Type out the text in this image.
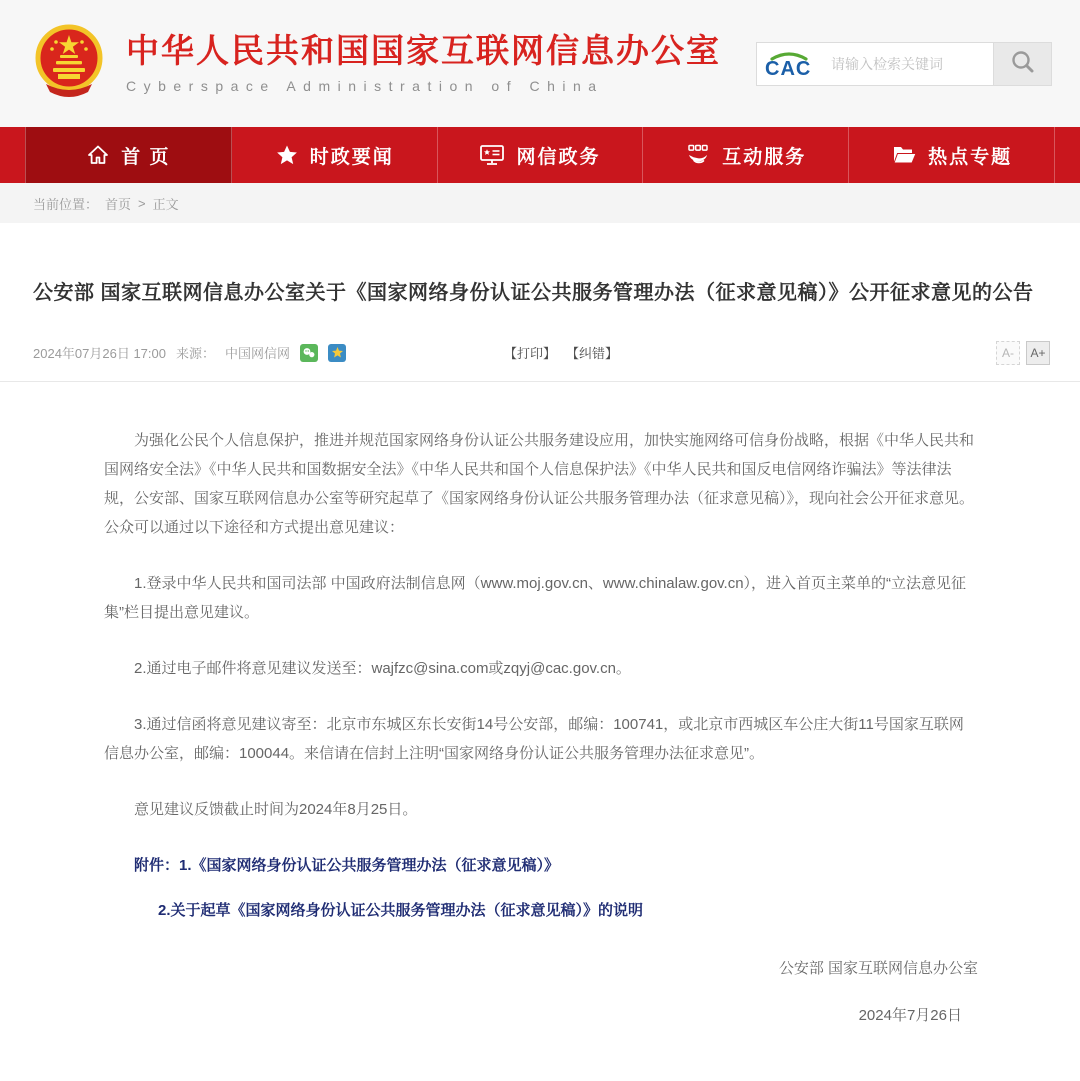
中华人民共和国国家互联网信息办公室
Cyberspace Administration of China
CAC
请输入检索关键词
首 页	时政要闻	网信政务	互动服务	热点专题
当前位置： 首页 > 正文
公安部 国家互联网信息办公室关于《国家网络身份认证公共服务管理办法（征求意见稿）》公开征求意见的公告
2024年07月26日 17:00 来源： 中国网信网	【打印】 【纠错】	A-	A+

为强化公民个人信息保护，推进并规范国家网络身份认证公共服务建设应用，加快实施网络可信身份战略，根据《中华人民共和国网络安全法》《中华人民共和国数据安全法》《中华人民共和国个人信息保护法》《中华人民共和国反电信网络诈骗法》等法律法规，公安部、国家互联网信息办公室等研究起草了《国家网络身份认证公共服务管理办法（征求意见稿）》，现向社会公开征求意见。公众可以通过以下途径和方式提出意见建议：

1.登录中华人民共和国司法部 中国政府法制信息网（www.moj.gov.cn、www.chinalaw.gov.cn），进入首页主菜单的“立法意见征集”栏目提出意见建议。

2.通过电子邮件将意见建议发送至：wajfzc@sina.com或zqyj@cac.gov.cn。

3.通过信函将意见建议寄至：北京市东城区东长安街14号公安部，邮编：100741，或北京市西城区车公庄大街11号国家互联网信息办公室，邮编：100044。来信请在信封上注明“国家网络身份认证公共服务管理办法征求意见”。

意见建议反馈截止时间为2024年8月25日。

附件：1.《国家网络身份认证公共服务管理办法（征求意见稿）》
2.关于起草《国家网络身份认证公共服务管理办法（征求意见稿）》的说明
公安部 国家互联网信息办公室
2024年7月26日
